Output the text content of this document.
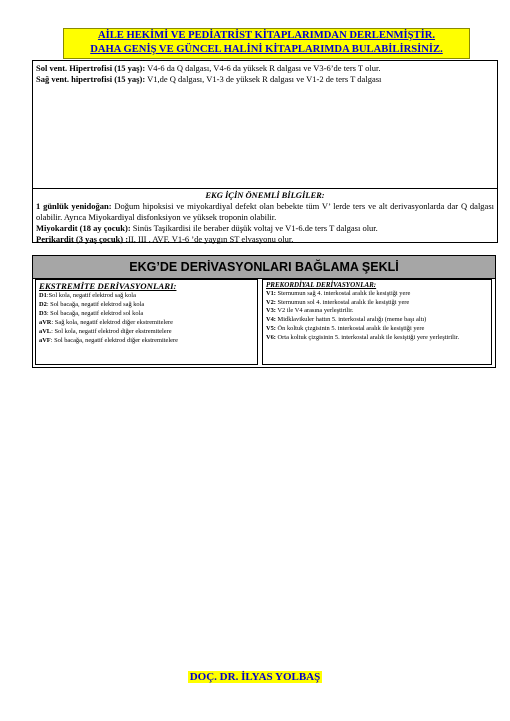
AİLE HEKİMİ VE PEDİATRİST KİTAPLARIMDAN DERLENMİŞTİR.
DAHA GENİŞ VE GÜNCEL HALİNİ KİTAPLARIMDA BULABİLİRSİNİZ.
Sol vent. Hipertrofisi (15 yaş): V4-6 da Q dalgası, V4-6 da yüksek R dalgası ve V3-6’de ters T olur.
Sağ vent. hipertrofisi (15 yaş): V1,de Q dalgası, V1-3 de yüksek R dalgası ve V1-2 de ters T dalgası
EKG İÇİN ÖNEMLİ BİLGİLER:

1 günlük yenidoğan: Doğum hipoksisi ve miyokardiyal defekt olan bebekte tüm V’ lerde ters ve alt derivasyonlarda dar Q dalgası olabilir. Ayrıca Miyokardiyal disfonksiyon ve yüksek troponin olabilir.

Miyokardit (18 ay çocuk): Sinüs Taşikardisi ile beraber düşük voltaj ve V1-6.de ters T dalgası olur.

Perikardit (3 yaş çocuk) :II, III , AVF, V1-6 ’de yaygın ST elvasyonu olur.

EKG’DE DERİVASYONLARI BAĞLAMA ŞEKLİ
EKSTREMİTE DERİVASYONLARI:
D1:Sol kola, negatif elektrod sağ kola
D2: Sol bacağa, negatif elektrod sağ kola
D3: Sol bacağa, negatif elektrod sol kola
aVR: Sağ kola, negatif elektrod diğer ekstremitelere
aVL: Sol kola, negatif elektrod diğer ekstremitelere
aVF: Sol bacağa, negatif elektrod diğer ekstremitelere
PREKORDİYAL DERİVASYONLAR:
V1: Sternumun sağ 4. interkostal aralık ile kesiştiği yere
V2: Sternumun sol 4. interkostal aralık ile kesiştiği yere
V3: V2 ile V4 arasına yerleştirilir.
V4: Midklavikuler hattın 5. interkostal aralığı (meme başı altı)
V5: Ön koltuk çizgisinin 5. interkostal aralık ile kesiştiği yere
V6: Orta koltuk çizgisinin 5. interkostal aralık ile kesiştiği yere yerleştirilir.
DOÇ. DR. İLYAS YOLBAŞ
